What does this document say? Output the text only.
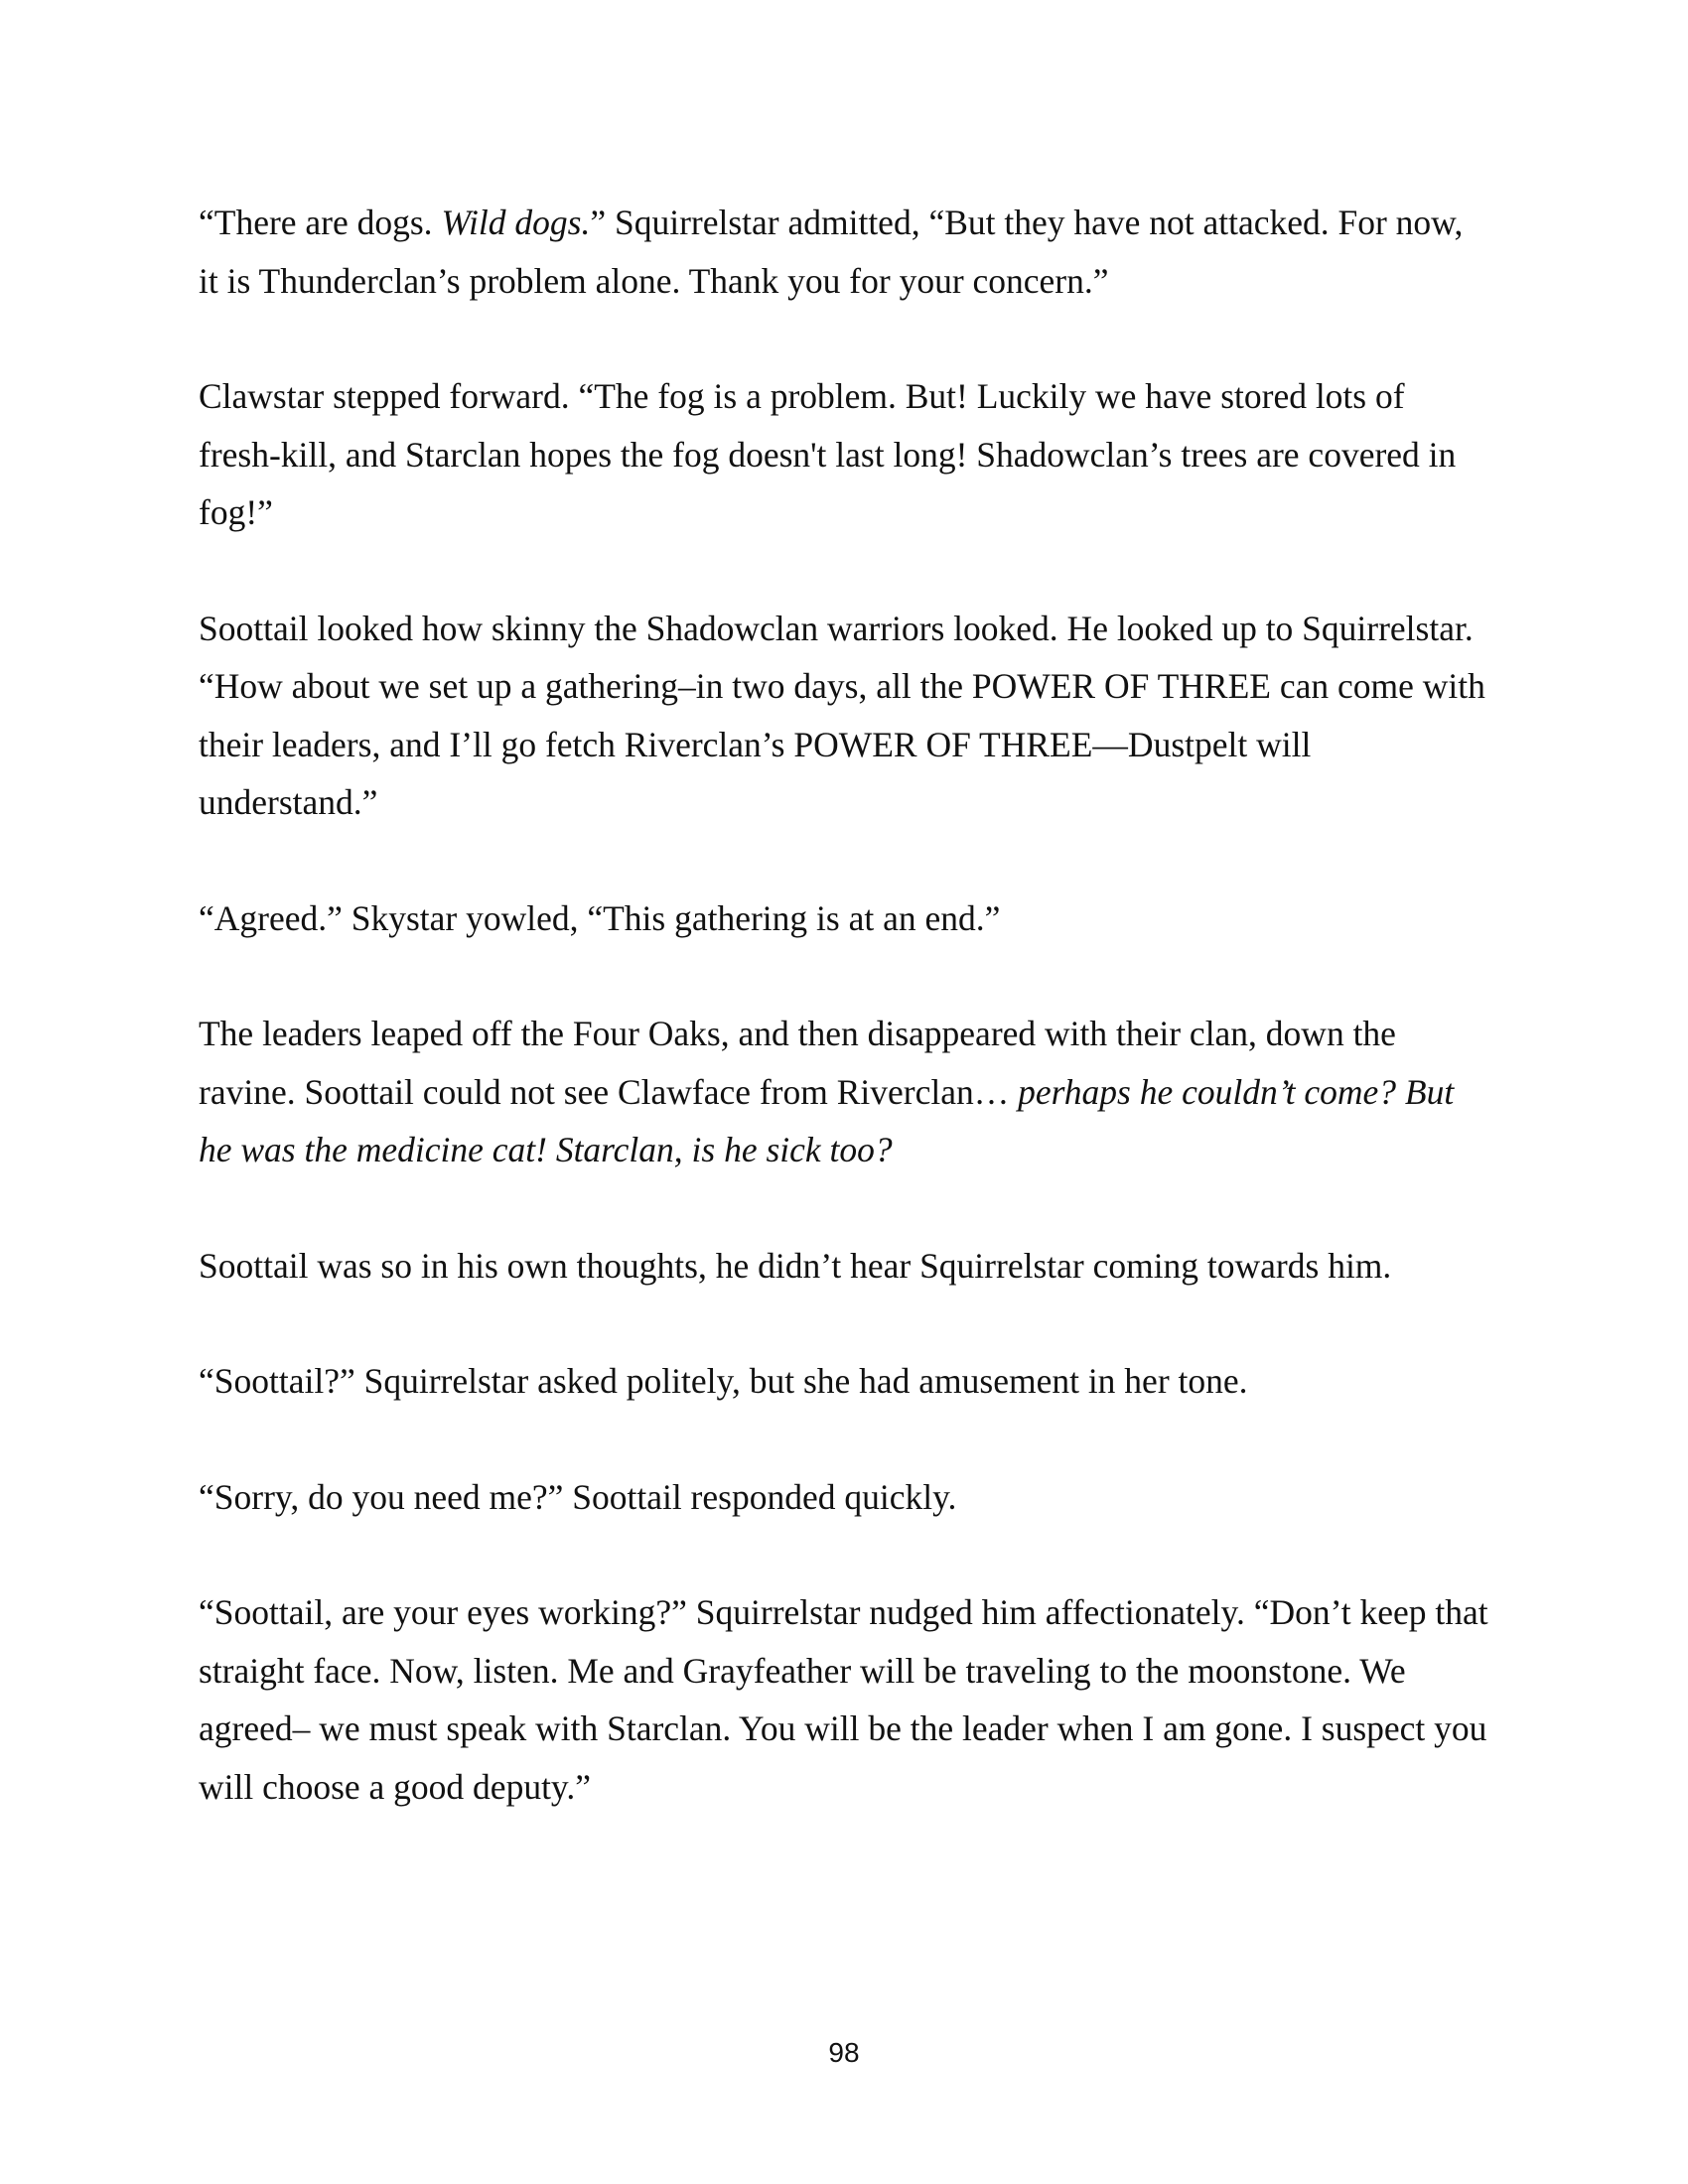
“There are dogs. Wild dogs.” Squirrelstar admitted, “But they have not attacked. For now, it is Thunderclan’s problem alone. Thank you for your concern.”

Clawstar stepped forward. “The fog is a problem. But! Luckily we have stored lots of fresh-kill, and Starclan hopes the fog doesn't last long! Shadowclan’s trees are covered in fog!”

Soottail looked how skinny the Shadowclan warriors looked. He looked up to Squirrelstar. “How about we set up a gathering–in two days, all the POWER OF THREE can come with their leaders, and I’ll go fetch Riverclan’s POWER OF THREE—Dustpelt will understand.”

“Agreed.” Skystar yowled, “This gathering is at an end.”

The leaders leaped off the Four Oaks, and then disappeared with their clan, down the ravine. Soottail could not see Clawface from Riverclan… perhaps he couldn’t come? But he was the medicine cat! Starclan, is he sick too?

Soottail was so in his own thoughts, he didn’t hear Squirrelstar coming towards him.

“Soottail?” Squirrelstar asked politely, but she had amusement in her tone.

“Sorry, do you need me?” Soottail responded quickly.

“Soottail, are your eyes working?” Squirrelstar nudged him affectionately. “Don’t keep that straight face. Now, listen. Me and Grayfeather will be traveling to the moonstone. We agreed– we must speak with Starclan. You will be the leader when I am gone. I suspect you will choose a good deputy.”

98
